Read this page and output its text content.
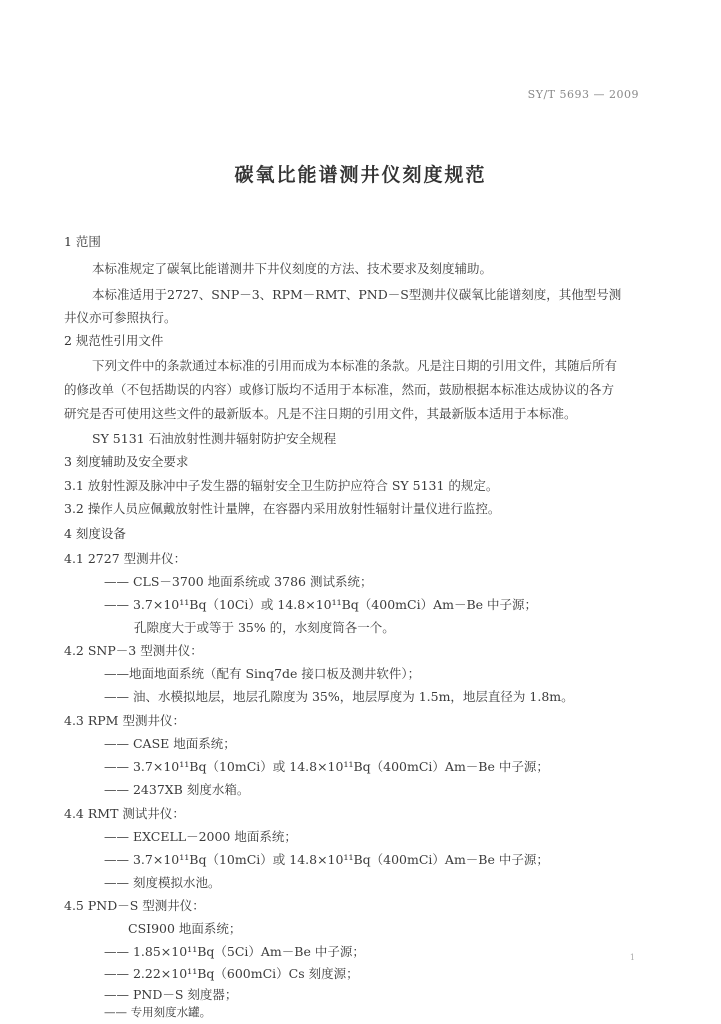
SY/T 5693 — 2009
碳氧比能谱测井仪刻度规范
1 范围
本标准规定了碳氧比能谱测井下井仪刻度的方法、技术要求及刻度辅助。
本标准适用于2727、SNP－3、RPM－RMT、PND－S型测井仪碳氧比能谱刻度，其他型号测
井仪亦可参照执行。
2 规范性引用文件
下列文件中的条款通过本标准的引用而成为本标准的条款。凡是注日期的引用文件，其随后所有
的修改单（不包括勘误的内容）或修订版均不适用于本标准，然而，鼓励根据本标准达成协议的各方
研究是否可使用这些文件的最新版本。凡是不注日期的引用文件，其最新版本适用于本标准。
SY 5131 石油放射性测井辐射防护安全规程
3 刻度辅助及安全要求
3.1 放射性源及脉冲中子发生器的辐射安全卫生防护应符合 SY 5131 的规定。
3.2 操作人员应佩戴放射性计量牌，在容器内采用放射性辐射计量仪进行监控。
4 刻度设备
4.1 2727 型测井仪：
—— CLS－3700 地面系统或 3786 测试系统；
—— 3.7×10¹¹Bq（10Ci）或 14.8×10¹¹Bq（400mCi）Am－Be 中子源；
孔隙度大于或等于 35% 的，水刻度筒各一个。
4.2 SNP－3 型测井仪：
——地面地面系统（配有 Sinq7de 接口板及测井软件）；
—— 油、水模拟地层，地层孔隙度为 35%，地层厚度为 1.5m，地层直径为 1.8m。
4.3 RPM 型测井仪：
—— CASE 地面系统；
—— 3.7×10¹¹Bq（10mCi）或 14.8×10¹¹Bq（400mCi）Am－Be 中子源；
—— 2437XB 刻度水箱。
4.4 RMT 测试井仪：
—— EXCELL－2000 地面系统；
—— 3.7×10¹¹Bq（10mCi）或 14.8×10¹¹Bq（400mCi）Am－Be 中子源；
—— 刻度模拟水池。
4.5 PND－S 型测井仪：
CSI900 地面系统；
—— 1.85×10¹¹Bq（5Ci）Am－Be 中子源；
—— 2.22×10¹¹Bq（600mCi）Cs 刻度源；
—— PND－S 刻度器；
—— 专用刻度水罐。
1
